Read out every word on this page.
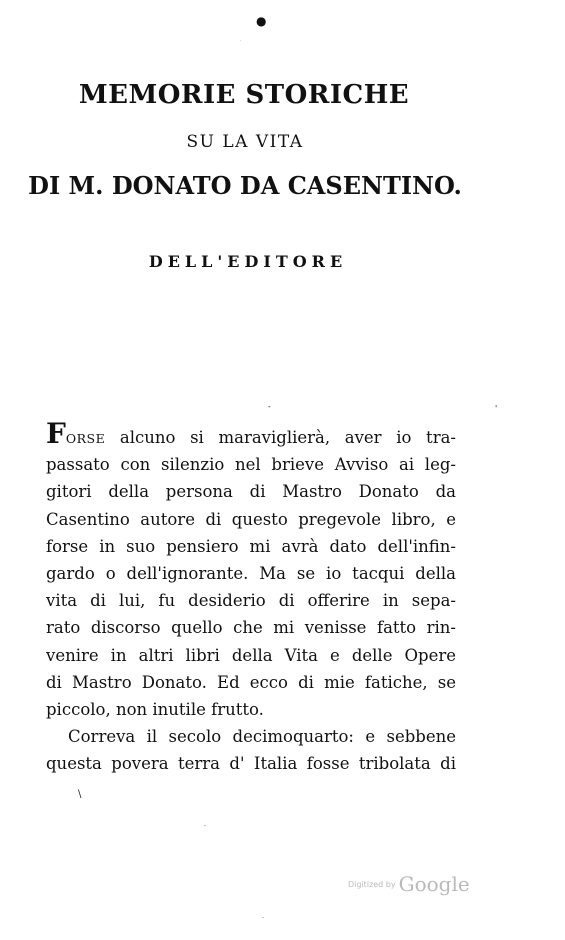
●
·
-	'
\
·
·
MEMORIE STORICHE
SU LA VITA
DI M. DONATO DA CASENTINO.
DELL'EDITORE
FORSE alcuno si maraviglierà, aver io tra-
passato con silenzio nel brieve Avviso ai leg-
gitori della persona di Mastro Donato da
Casentino autore di questo pregevole libro, e
forse in suo pensiero mi avrà dato dell'infin-
gardo o dell'ignorante. Ma se io tacqui della
vita di lui, fu desiderio di offerire in sepa-
rato discorso quello che mi venisse fatto rin-
venire in altri libri della Vita e delle Opere
di Mastro Donato. Ed ecco di mie fatiche, se
piccolo, non inutile frutto.
Correva il secolo decimoquarto: e sebbene
questa povera terra d' Italia fosse tribolata di
Digitized by Google
